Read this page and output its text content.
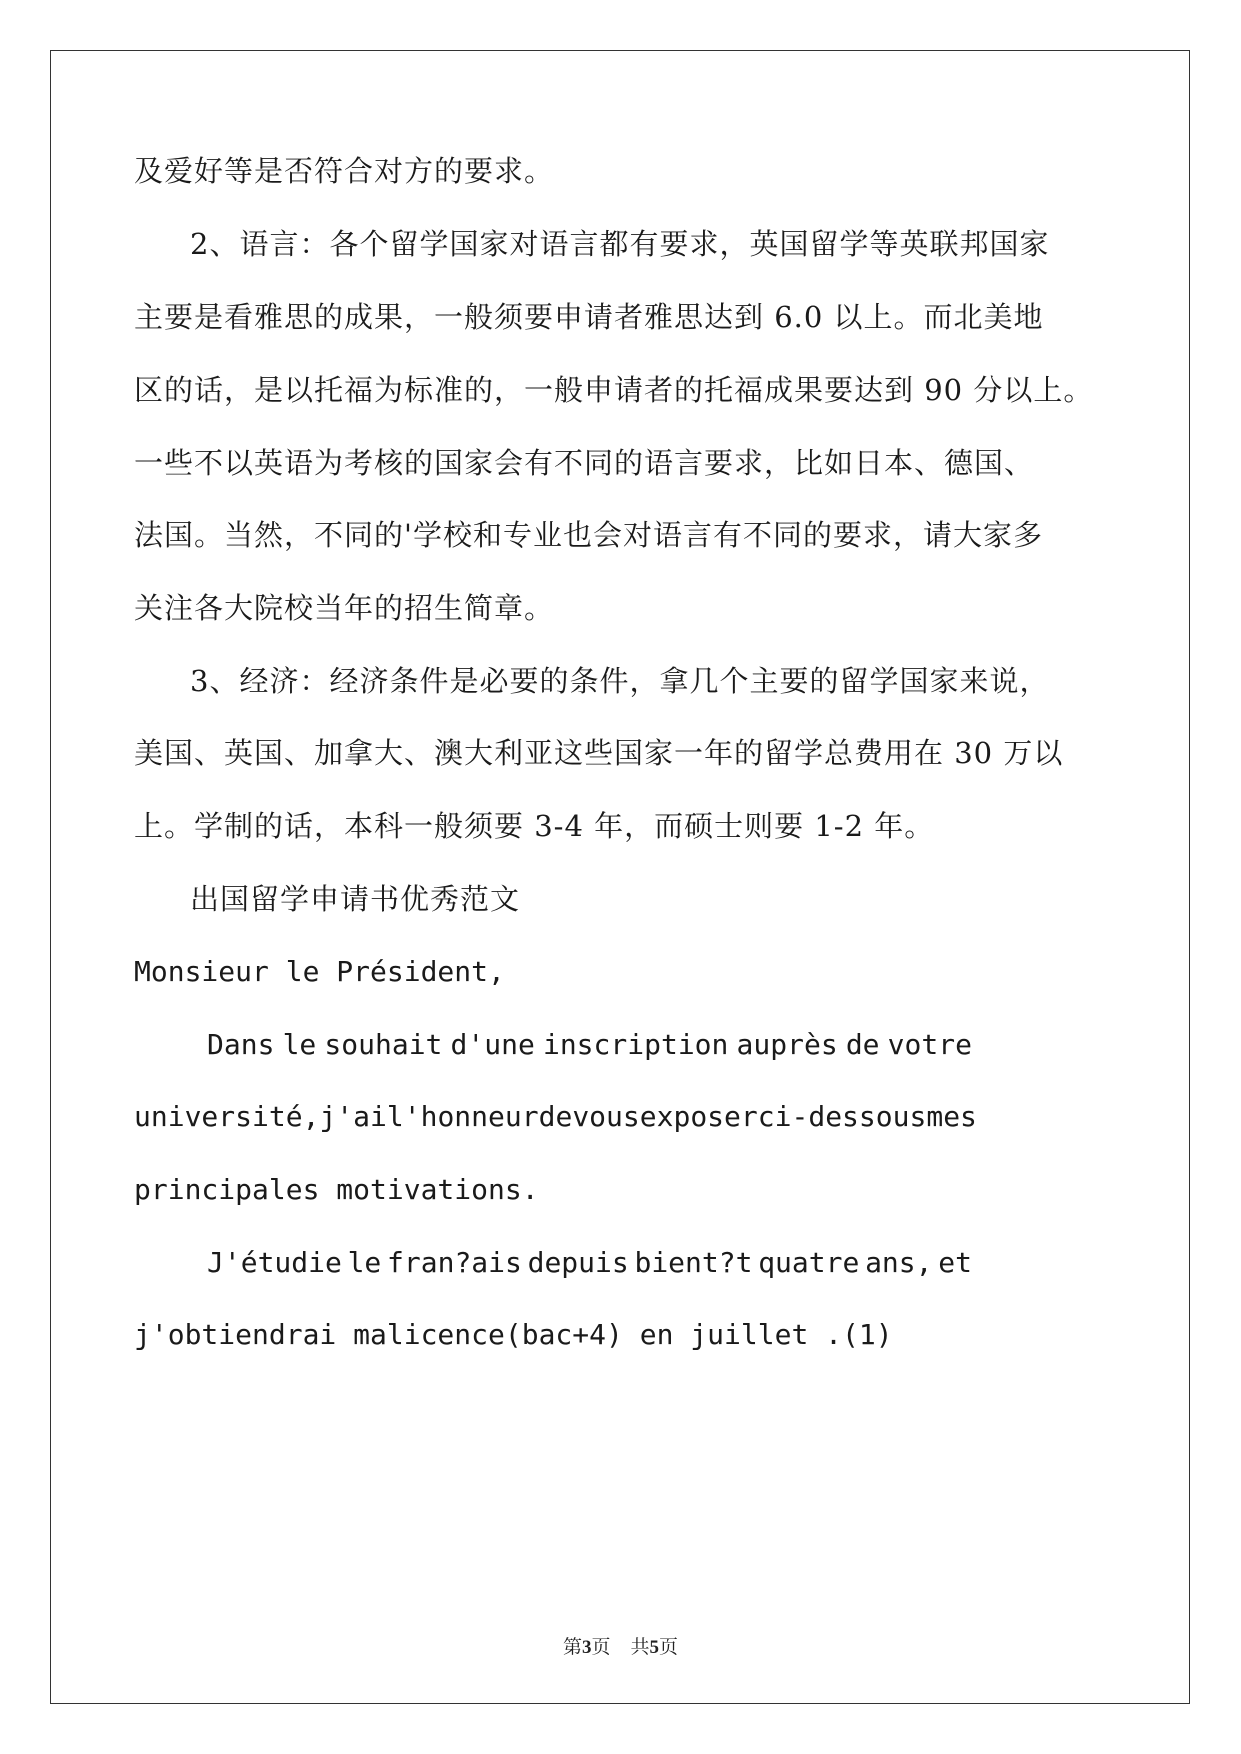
及爱好等是否符合对方的要求。
2、语言：各个留学国家对语言都有要求，英国留学等英联邦国家
主要是看雅思的成果，一般须要申请者雅思达到 6.0 以上。而北美地
区的话，是以托福为标准的，一般申请者的托福成果要达到 90 分以上。
一些不以英语为考核的国家会有不同的语言要求，比如日本、德国、
法国。当然，不同的'学校和专业也会对语言有不同的要求，请大家多
关注各大院校当年的招生简章。
3、经济：经济条件是必要的条件，拿几个主要的留学国家来说，
美国、英国、加拿大、澳大利亚这些国家一年的留学总费用在 30 万以
上。学制的话，本科一般须要 3-4 年，而硕士则要 1-2 年。
出国留学申请书优秀范文
Monsieur le Président,
Dans le souhait d'une inscription auprès de votre
université, j'ai l'honneurde vous exposer ci-dessous mes
principales motivations.
J'étudie le fran?ais depuis bient?t quatre ans, et
j'obtiendrai malicence(bac+4) en juillet .(1)
第3页 共5页
